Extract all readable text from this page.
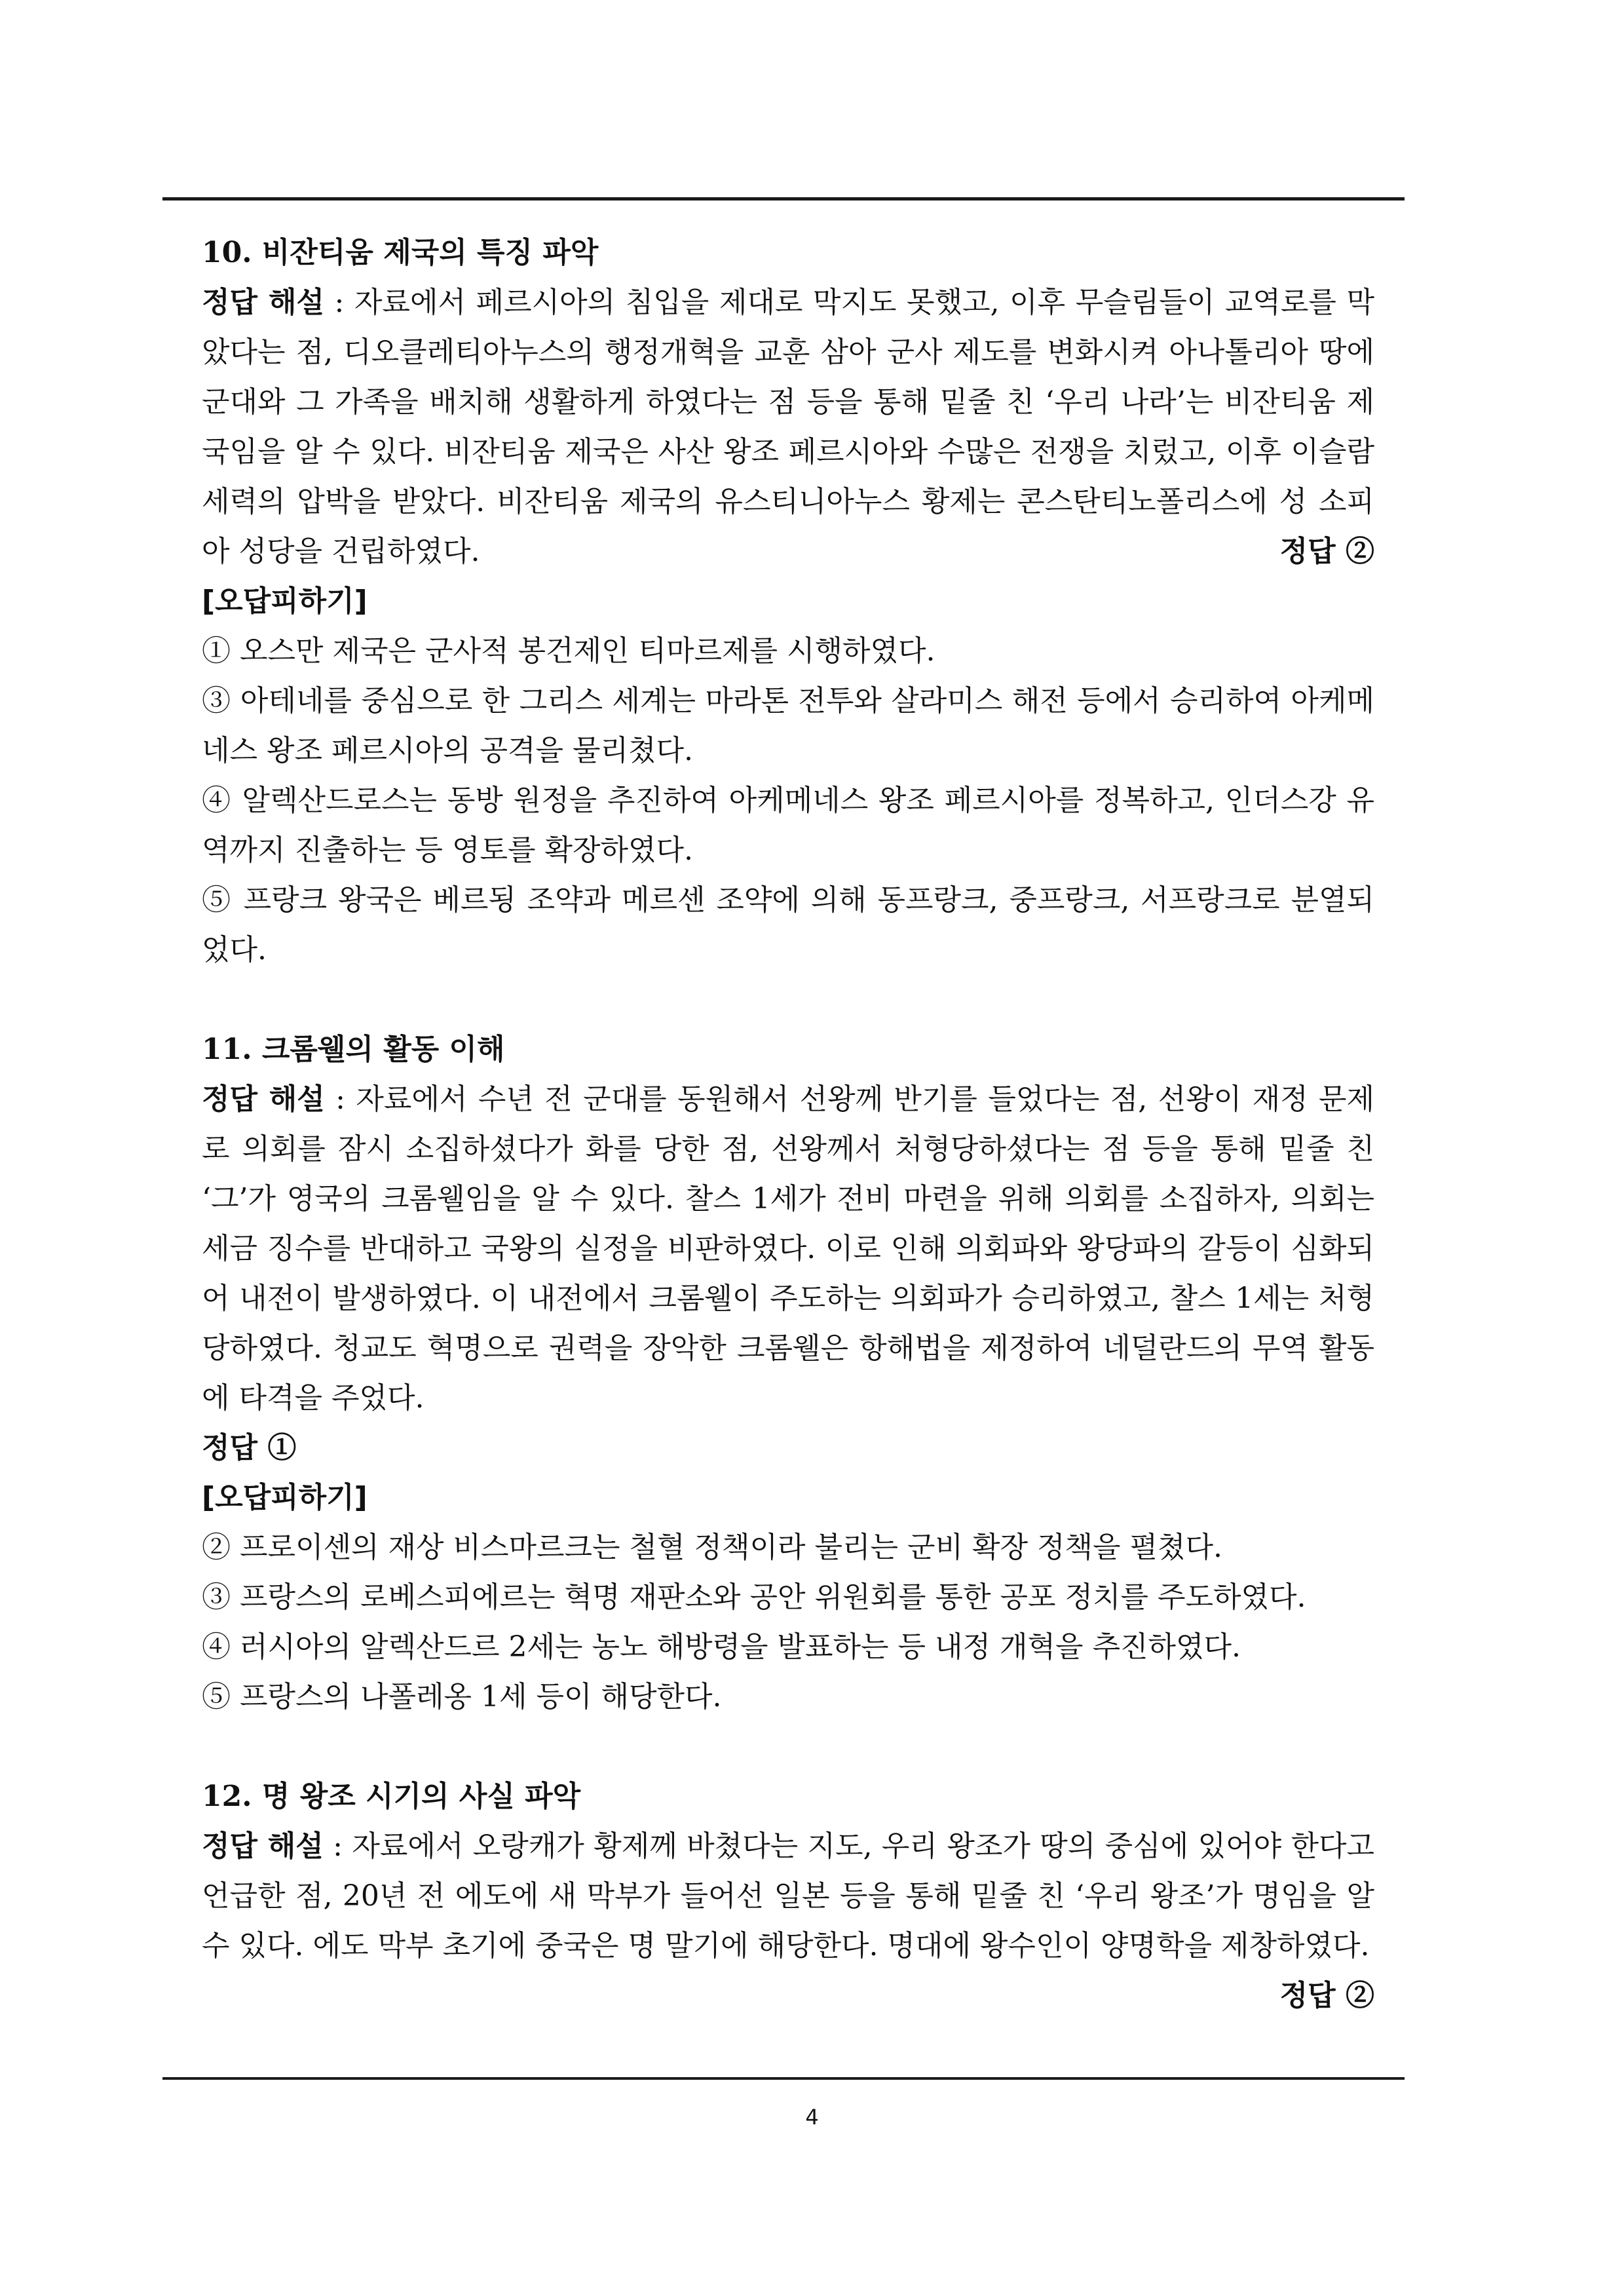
10. 비잔티움 제국의 특징 파악

정답 해설 : 자료에서 페르시아의 침입을 제대로 막지도 못했고, 이후 무슬림들이 교역로를 막았다는 점, 디오클레티아누스의 행정개혁을 교훈 삼아 군사 제도를 변화시켜 아나톨리아 땅에 군대와 그 가족을 배치해 생활하게 하였다는 점 등을 통해 밑줄 친 ‘우리 나라’는 비잔티움 제국임을 알 수 있다. 비잔티움 제국은 사산 왕조 페르시아와 수많은 전쟁을 치렀고, 이후 이슬람 세력의 압박을 받았다. 비잔티움 제국의 유스티니아누스 황제는 콘스탄티노폴리스에 성 소피아 성당을 건립하였다.	정답 ②

[오답피하기]

① 오스만 제국은 군사적 봉건제인 티마르제를 시행하였다.

③ 아테네를 중심으로 한 그리스 세계는 마라톤 전투와 살라미스 해전 등에서 승리하여 아케메네스 왕조 페르시아의 공격을 물리쳤다.

④ 알렉산드로스는 동방 원정을 추진하여 아케메네스 왕조 페르시아를 정복하고, 인더스강 유역까지 진출하는 등 영토를 확장하였다.

⑤ 프랑크 왕국은 베르됭 조약과 메르센 조약에 의해 동프랑크, 중프랑크, 서프랑크로 분열되었다.

11. 크롬웰의 활동 이해

정답 해설 : 자료에서 수년 전 군대를 동원해서 선왕께 반기를 들었다는 점, 선왕이 재정 문제로 의회를 잠시 소집하셨다가 화를 당한 점, 선왕께서 처형당하셨다는 점 등을 통해 밑줄 친 ‘그’가 영국의 크롬웰임을 알 수 있다. 찰스 1세가 전비 마련을 위해 의회를 소집하자, 의회는 세금 징수를 반대하고 국왕의 실정을 비판하였다. 이로 인해 의회파와 왕당파의 갈등이 심화되어 내전이 발생하였다. 이 내전에서 크롬웰이 주도하는 의회파가 승리하였고, 찰스 1세는 처형당하였다. 청교도 혁명으로 권력을 장악한 크롬웰은 항해법을 제정하여 네덜란드의 무역 활동에 타격을 주었다.

정답 ①

[오답피하기]

② 프로이센의 재상 비스마르크는 철혈 정책이라 불리는 군비 확장 정책을 펼쳤다.

③ 프랑스의 로베스피에르는 혁명 재판소와 공안 위원회를 통한 공포 정치를 주도하였다.

④ 러시아의 알렉산드르 2세는 농노 해방령을 발표하는 등 내정 개혁을 추진하였다.

⑤ 프랑스의 나폴레옹 1세 등이 해당한다.

12. 명 왕조 시기의 사실 파악

정답 해설 : 자료에서 오랑캐가 황제께 바쳤다는 지도, 우리 왕조가 땅의 중심에 있어야 한다고 언급한 점, 20년 전 에도에 새 막부가 들어선 일본 등을 통해 밑줄 친 ‘우리 왕조’가 명임을 알 수 있다. 에도 막부 초기에 중국은 명 말기에 해당한다. 명대에 왕수인이 양명학을 제창하였다.
정답 ②

4
